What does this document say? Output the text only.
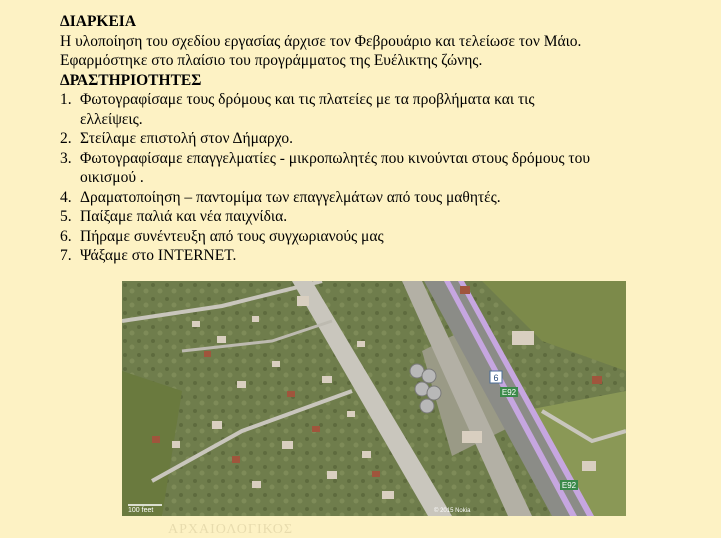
ΔΙΑΡΚΕΙΑ
Η υλοποίηση του σχεδίου εργασίας άρχισε τον Φεβρουάριο και τελείωσε τον Μάιο.
Εφαρμόστηκε στο πλαίσιο του προγράμματος της Ευέλικτης ζώνης.
ΔΡΑΣΤΗΡΙΟΤΗΤΕΣ
1. Φωτογραφίσαμε τους δρόμους και τις πλατείες με τα προβλήματα και τις
ελλείψεις.
2. Στείλαμε επιστολή στον Δήμαρχο.
3. Φωτογραφίσαμε επαγγελματίες - μικροπωλητές που κινούνται στους δρόμους του
οικισμού .
4. Δραματοποίηση – παντομίμα των επαγγελμάτων από τους μαθητές.
5. Παίξαμε παλιά και νέα παιχνίδια.
6. Πήραμε συνέντευξη από τους συγχωριανούς μας
7. Ψάξαμε στο INTERNET.
6
E92
E92
100 feet	© 2015 Nokia
ΑΡΧΑΙΟΛΟΓΙΚΟΣ
